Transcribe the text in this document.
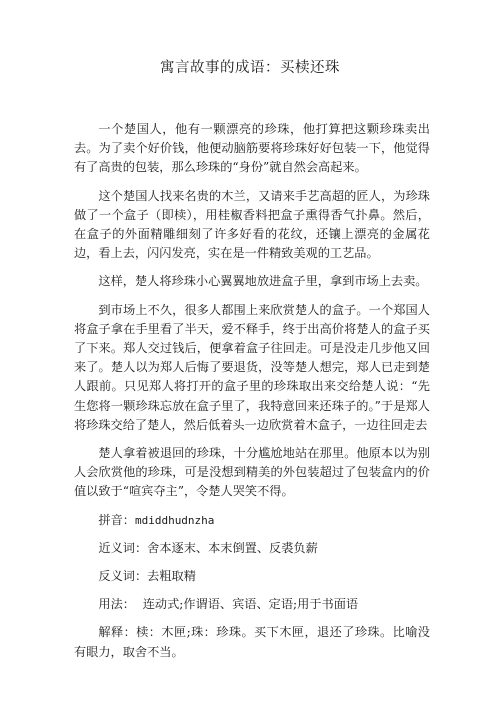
寓言故事的成语：买椟还珠

一个楚国人，他有一颗漂亮的珍珠，他打算把这颗珍珠卖出去。为了卖个好价钱，他便动脑筋要将珍珠好好包装一下，他觉得有了高贵的包装，那么珍珠的“身份”就自然会高起来。

这个楚国人找来名贵的木兰，又请来手艺高超的匠人，为珍珠做了一个盒子（即椟），用桂椒香料把盒子熏得香气扑鼻。然后，在盒子的外面精雕细刻了许多好看的花纹，还镶上漂亮的金属花边，看上去，闪闪发亮，实在是一件精致美观的工艺品。

这样，楚人将珍珠小心翼翼地放进盒子里，拿到市场上去卖。

到市场上不久，很多人都围上来欣赏楚人的盒子。一个郑国人将盒子拿在手里看了半天，爱不释手，终于出高价将楚人的盒子买了下来。郑人交过钱后，便拿着盒子往回走。可是没走几步他又回来了。楚人以为郑人后悔了要退货，没等楚人想完，郑人已走到楚人跟前。只见郑人将打开的盒子里的珍珠取出来交给楚人说：“先生您将一颗珍珠忘放在盒子里了，我特意回来还珠子的。”于是郑人将珍珠交给了楚人，然后低着头一边欣赏着木盒子，一边往回走去

楚人拿着被退回的珍珠，十分尴尬地站在那里。他原本以为别人会欣赏他的珍珠，可是没想到精美的外包装超过了包装盒内的价值以致于“喧宾夺主”，令楚人哭笑不得。

拼音：mdiddhudnzha

近义词：舍本逐末、本末倒置、反裘负薪

反义词：去粗取精

用法：  连动式;作谓语、宾语、定语;用于书面语

解释：椟：木匣;珠：珍珠。买下木匣，退还了珍珠。比喻没有眼力，取舍不当。
